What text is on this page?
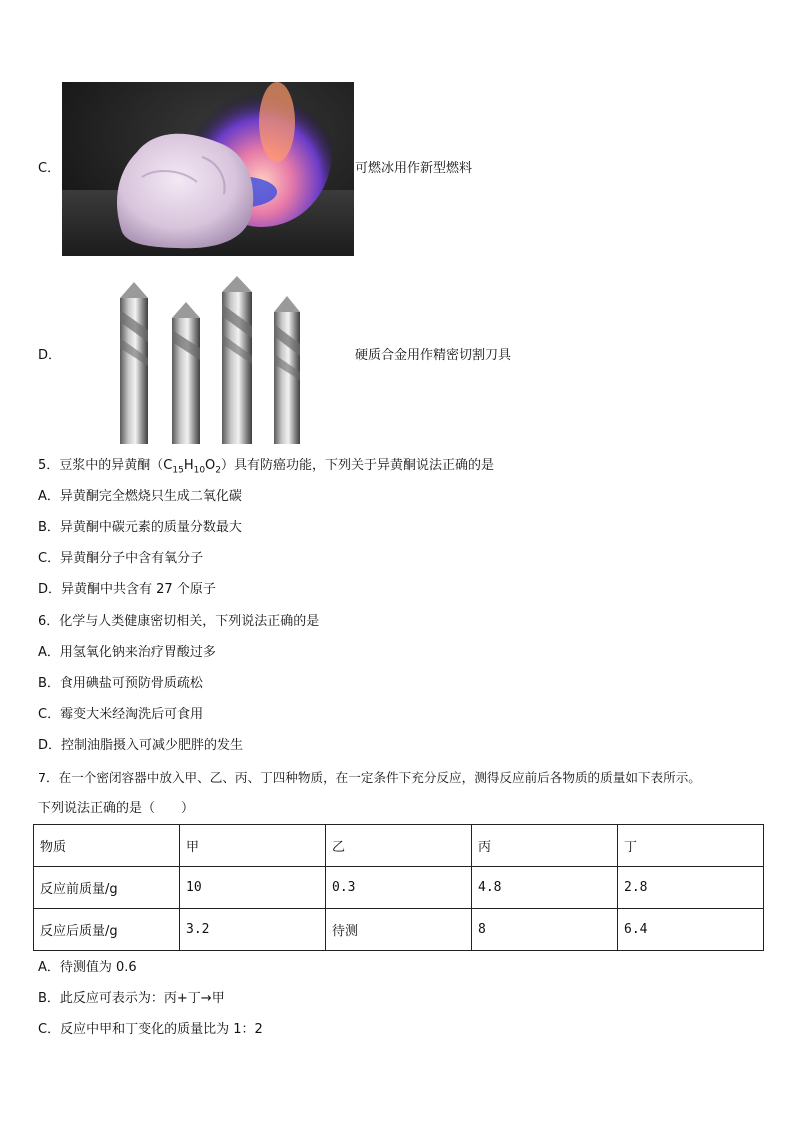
C．	可燃冰用作新型燃料
D．	硬质合金用作精密切割刀具
5．豆浆中的异黄酮$(C_{15}H_{10}O_2)$具有防癌功能，下列关于异黄酮说法正确的是
A．异黄酮完全燃烧只生成二氧化碳
B．异黄酮中碳元素的质量分数最大
C．异黄酮分子中含有氧分子
D．异黄酮中共含有 27 个原子
6．化学与人类健康密切相关，下列说法正确的是
A．用氢氧化钠来治疗胃酸过多
B．食用碘盐可预防骨质疏松
C．霉变大米经淘洗后可食用
D．控制油脂摄入可减少肥胖的发生
7．在一个密闭容器中放入甲、乙、丙、丁四种物质，在一定条件下充分反应，测得反应前后各物质的质量如下表所示。
下列说法正确的是（　　）
物质	甲	乙	丙	丁
反应前质量/g	10	0.3	4.8	2.8
反应后质量/g	3.2	待测	8	6.4
A．待测值为 0.6
B．此反应可表示为：丙+丁→甲
C．反应中甲和丁变化的质量比为 1：2
